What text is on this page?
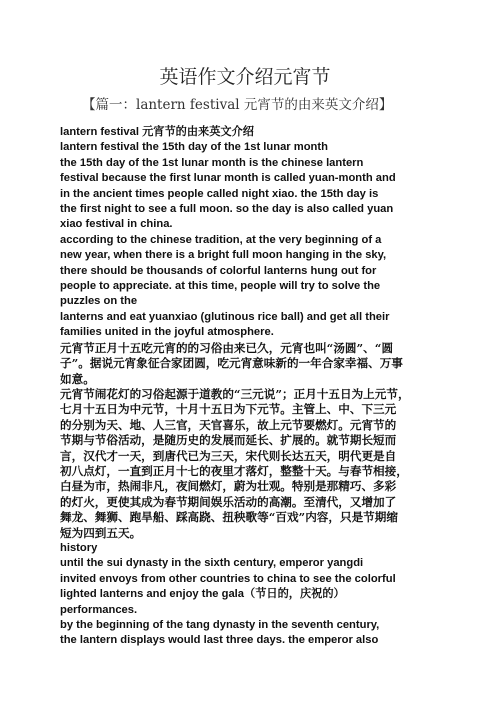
英语作文介绍元宵节
【篇一：lantern festival 元宵节的由来英文介绍】

lantern festival 元宵节的由来英文介绍

lantern festival the 15th day of the 1st lunar month

the 15th day of the 1st lunar month is the chinese lantern

festival because the first lunar month is called yuan-month and

in the ancient times people called night xiao. the 15th day is

the first night to see a full moon. so the day is also called yuan

xiao festival in china.

according to the chinese tradition, at the very beginning of a

new year, when there is a bright full moon hanging in the sky,

there should be thousands of colorful lanterns hung out for

people to appreciate. at this time, people will try to solve the

puzzles on the

lanterns and eat yuanxiao (glutinous rice ball) and get all their

families united in the joyful atmosphere.

元宵节正月十五吃元宵的的习俗由来已久，元宵也叫“汤圆”、“圆

子”。据说元宵象征合家团圆，吃元宵意味新的一年合家幸福、万事

如意。

元宵节闹花灯的习俗起源于道教的“三元说”；正月十五日为上元节，

七月十五日为中元节，十月十五日为下元节。主管上、中、下三元

的分别为天、地、人三官，天官喜乐，故上元节要燃灯。元宵节的

节期与节俗活动，是随历史的发展而延长、扩展的。就节期长短而

言，汉代才一天，到唐代已为三天，宋代则长达五天，明代更是自

初八点灯，一直到正月十七的夜里才落灯，整整十天。与春节相接，

白昼为市，热闹非凡，夜间燃灯，蔚为壮观。特别是那精巧、多彩

的灯火，更使其成为春节期间娱乐活动的高潮。至清代，又增加了

舞龙、舞狮、跑旱船、踩高跷、扭秧歌等“百戏”内容，只是节期缩

短为四到五天。

history

until the sui dynasty in the sixth century, emperor yangdi

invited envoys from other countries to china to see the colorful

lighted lanterns and enjoy the gala（节日的，庆祝的）

performances.

by the beginning of the tang dynasty in the seventh century,

the lantern displays would last three days. the emperor also
